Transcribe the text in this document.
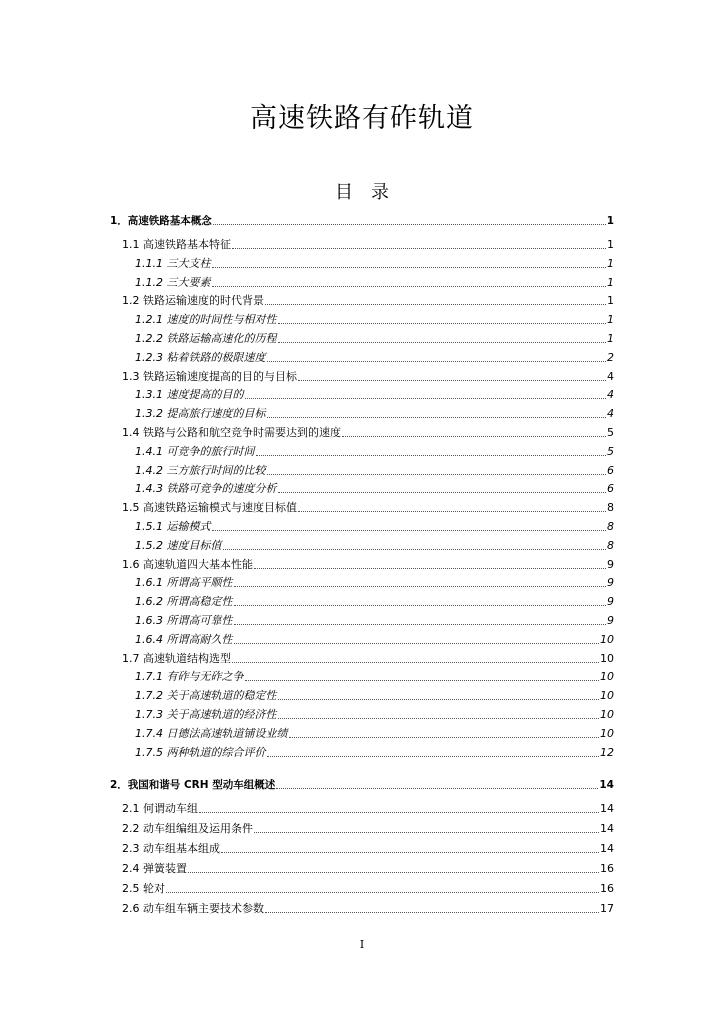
高速铁路有砟轨道
目　录
1．高速铁路基本概念	1
1.1 高速铁路基本特征	1
1.1.1 三大支柱	1
1.1.2 三大要素	1
1.2 铁路运输速度的时代背景	1
1.2.1 速度的时间性与相对性	1
1.2.2 铁路运输高速化的历程	1
1.2.3 粘着铁路的极限速度	2
1.3 铁路运输速度提高的目的与目标	4
1.3.1 速度提高的目的	4
1.3.2 提高旅行速度的目标	4
1.4 铁路与公路和航空竞争时需要达到的速度	5
1.4.1 可竞争的旅行时间	5
1.4.2 三方旅行时间的比较	6
1.4.3 铁路可竞争的速度分析	6
1.5 高速铁路运输模式与速度目标值	8
1.5.1 运输模式	8
1.5.2 速度目标值	8
1.6 高速轨道四大基本性能	9
1.6.1 所谓高平顺性	9
1.6.2 所谓高稳定性	9
1.6.3 所谓高可靠性	9
1.6.4 所谓高耐久性	10
1.7 高速轨道结构选型	10
1.7.1 有砟与无砟之争	10
1.7.2 关于高速轨道的稳定性	10
1.7.3 关于高速轨道的经济性	10
1.7.4 日德法高速轨道铺设业绩	10
1.7.5 两种轨道的综合评价	12
2．我国和谐号 CRH 型动车组概述	14
2.1 何谓动车组	14
2.2 动车组编组及运用条件	14
2.3 动车组基本组成	14
2.4 弹簧装置	16
2.5 轮对	16
2.6 动车组车辆主要技术参数	17
I
